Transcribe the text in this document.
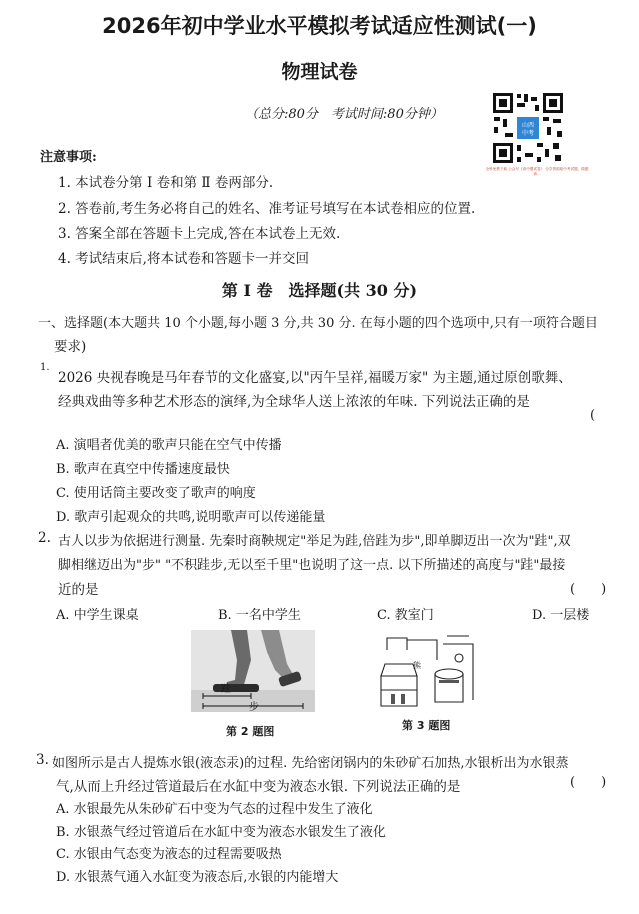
2026年初中学业水平模拟考试适应性测试(一)
物理试卷
（总分:80分　考试时间:80分钟）
山西
中考
全科免费下载 公众号《高中僧试卷》 分享资源给中考试题，做题请…
注意事项:
1. 本试卷分第 Ⅰ 卷和第 Ⅱ 卷两部分.
2. 答卷前,考生务必将自己的姓名、准考证号填写在本试卷相应的位置.
3. 答案全部在答题卡上完成,答在本试卷上无效.
4. 考试结束后,将本试卷和答题卡一并交回
第 Ⅰ 卷　选择题(共 30 分)
一、选择题(本大题共 10 个小题,每小题 3 分,共 30 分. 在每小题的四个选项中,只有一项符合题目
要求)
1.
2026 央视春晚是马年春节的文化盛宴,以"丙午呈祥,福暖万家" 为主题,通过原创歌舞、
经典戏曲等多种艺术形态的演绎,为全球华人送上浓浓的年味. 下列说法正确的是
(
A. 演唱者优美的歌声只能在空气中传播
B. 歌声在真空中传播速度最快
C. 使用话筒主要改变了歌声的响度
D. 歌声引起观众的共鸣,说明歌声可以传递能量
2. 古人以步为依据进行测量. 先秦时商鞅规定"举足为跬,倍跬为步",即单脚迈出一次为"跬",双
脚相继迈出为"步" "不积跬步,无以至千里"也说明了这一点. 以下所描述的高度与"跬"最接
近的是	(　　)
A. 中学生课桌	B. 一名中学生	C. 教室门	D. 一层楼
跬
步
第 2 题图
熊
第 3 题图
3. 如图所示是古人提炼水银(液态汞)的过程. 先给密闭锅内的朱砂矿石加热,水银析出为水银蒸
气,从而上升经过管道最后在水缸中变为液态水银. 下列说法正确的是	(　　)
A. 水银最先从朱砂矿石中变为气态的过程中发生了液化
B. 水银蒸气经过管道后在水缸中变为液态水银发生了液化
C. 水银由气态变为液态的过程需要吸热
D. 水银蒸气通入水缸变为液态后,水银的内能增大
